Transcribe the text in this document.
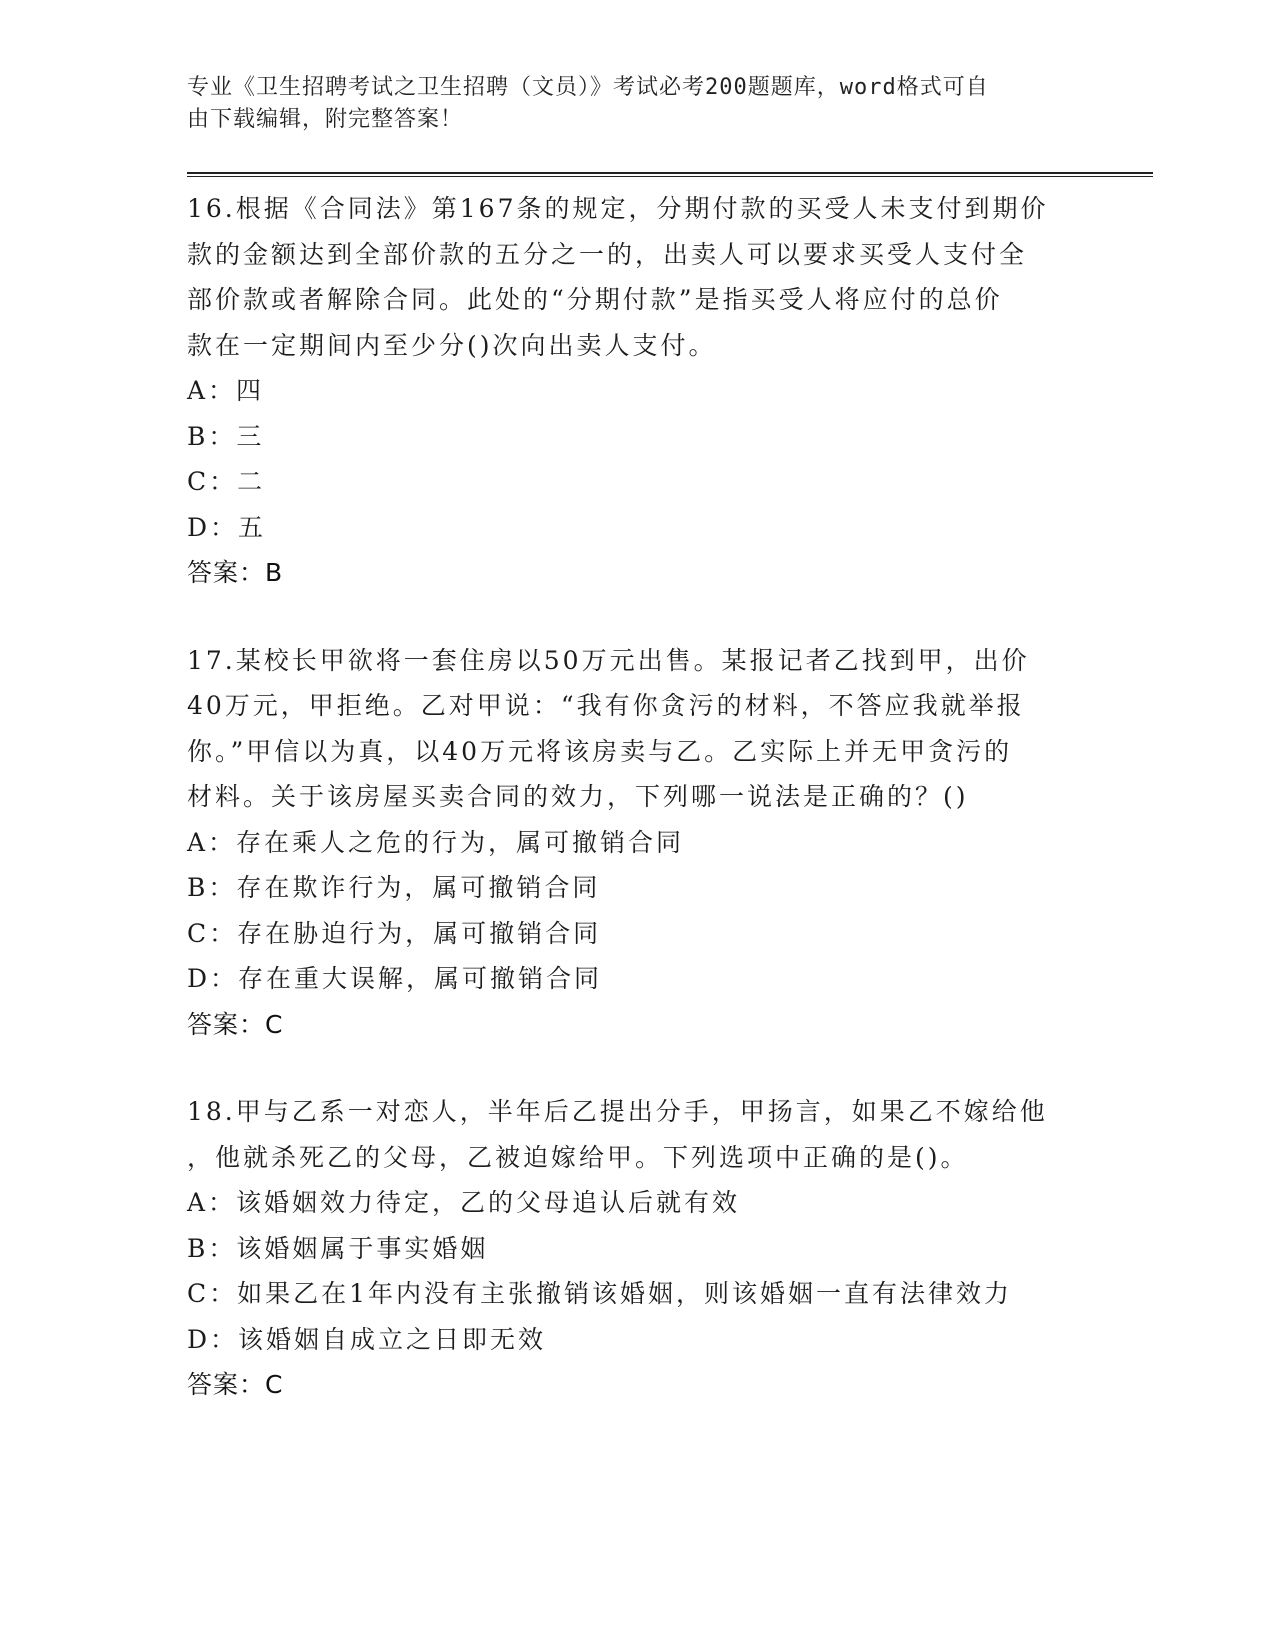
专业《卫生招聘考试之卫生招聘（文员）》考试必考200题题库，word格式可自
由下载编辑，附完整答案！
16.根据《合同法》第167条的规定，分期付款的买受人未支付到期价
款的金额达到全部价款的五分之一的，出卖人可以要求买受人支付全
部价款或者解除合同。此处的“分期付款”是指买受人将应付的总价
款在一定期间内至少分()次向出卖人支付。
A：四
B：三
C：二
D：五
答案：B
17.某校长甲欲将一套住房以50万元出售。某报记者乙找到甲，出价
40万元，甲拒绝。乙对甲说：“我有你贪污的材料，不答应我就举报
你。”甲信以为真，以40万元将该房卖与乙。乙实际上并无甲贪污的
材料。关于该房屋买卖合同的效力，下列哪一说法是正确的？()
A：存在乘人之危的行为，属可撤销合同
B：存在欺诈行为，属可撤销合同
C：存在胁迫行为，属可撤销合同
D：存在重大误解，属可撤销合同
答案：C
18.甲与乙系一对恋人，半年后乙提出分手，甲扬言，如果乙不嫁给他
，他就杀死乙的父母，乙被迫嫁给甲。下列选项中正确的是()。
A：该婚姻效力待定，乙的父母追认后就有效
B：该婚姻属于事实婚姻
C：如果乙在1年内没有主张撤销该婚姻，则该婚姻一直有法律效力
D：该婚姻自成立之日即无效
答案：C
